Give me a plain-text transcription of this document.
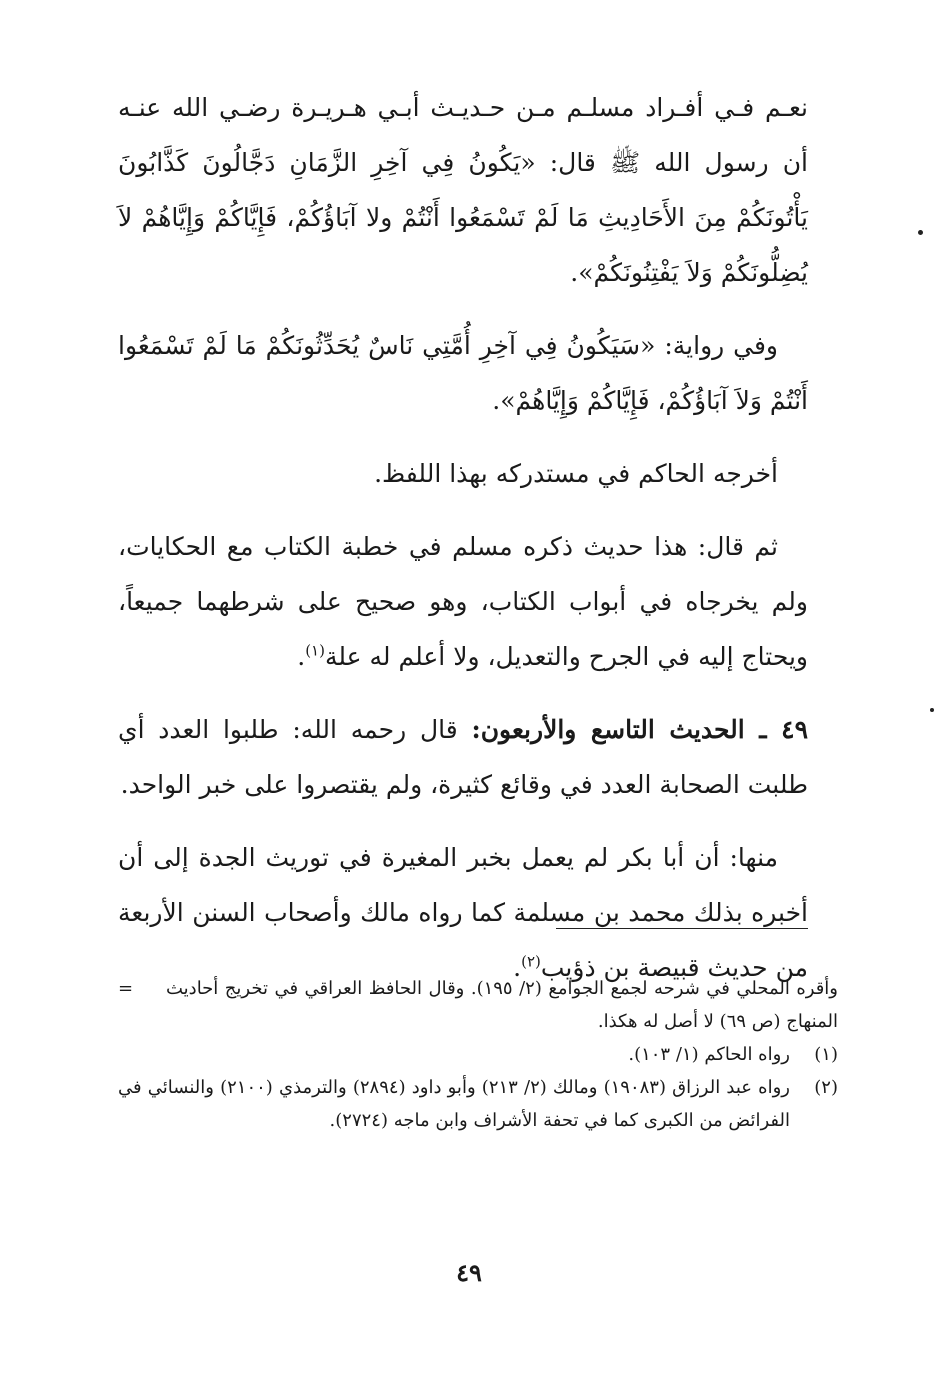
نعـم فـي أفـراد مسلـم مـن حـديـث أبـي هـريـرة رضـي الله عنـه أن رسول الله ﷺ قال: «يَكُونُ فِي آخِرِ الزَّمَانِ دَجَّالُونَ كَذَّابُونَ يَأْتُونَكُمْ مِنَ الأَحَادِيثِ مَا لَمْ تَسْمَعُوا أَنْتُمْ ولا آبَاؤُكُمْ، فَإِيَّاكُمْ وَإِيَّاهُمْ لاَ يُضِلُّونَكُمْ وَلاَ يَفْتِنُونَكُمْ».

وفي رواية: «سَيَكُونُ فِي آخِرِ أُمَّتِي نَاسٌ يُحَدِّثُونَكُمْ مَا لَمْ تَسْمَعُوا أَنْتُمْ وَلاَ آبَاؤُكُمْ، فَإِيَّاكُمْ وَإِيَّاهُمْ».

أخرجه الحاكم في مستدركه بهذا اللفظ.

ثم قال: هذا حديث ذكره مسلم في خطبة الكتاب مع الحكايات، ولم يخرجاه في أبواب الكتاب، وهو صحيح على شرطهما جميعاً، ويحتاج إليه في الجرح والتعديل، ولا أعلم له علة$^{(١)}$.

٤٩ ـ الحديث التاسع والأربعون: قال رحمه الله: طلبوا العدد أي طلبت الصحابة العدد في وقائع كثيرة، ولم يقتصروا على خبر الواحد.

منها: أن أبا بكر لم يعمل بخبر المغيرة في توريث الجدة إلى أن أخبره بذلك محمد بن مسلمة كما رواه مالك وأصحاب السنن الأربعة من حديث قبيصة بن ذؤيب$^{(٢)}$.

وأقره المحلي في شرحه لجمع الجوامع (٢/ ١٩٥). وقال الحافظ العراقي في تخريج أحاديث المنهاج (ص ٦٩) لا أصل له هكذا.
=
(١)
رواه الحاكم (١/ ١٠٣).
(٢)
رواه عبد الرزاق (١٩٠٨٣) ومالك (٢/ ٢١٣) وأبو داود (٢٨٩٤) والترمذي (٢١٠٠) والنسائي في الفرائض من الكبرى كما في تحفة الأشراف وابن ماجه (٢٧٢٤).
٤٩
